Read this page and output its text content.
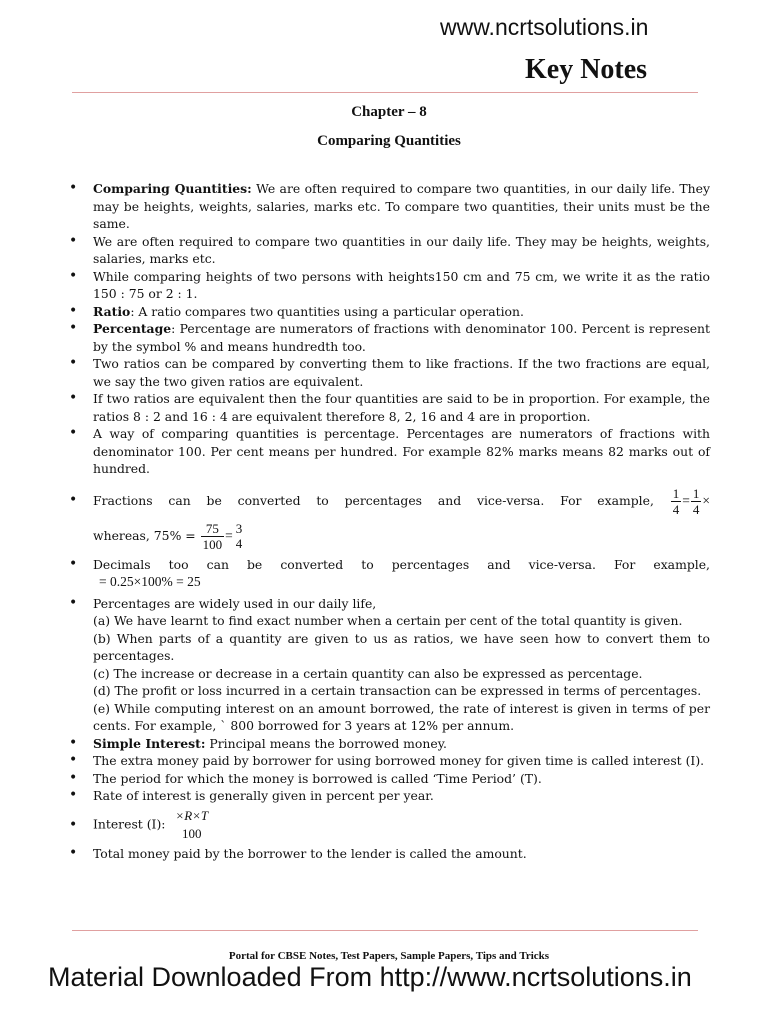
www.ncrtsolutions.in
Key Notes
Chapter – 8
Comparing Quantities
• Comparing Quantities: We are often required to compare two quantities, in our daily life. They may be heights, weights, salaries, marks etc. To compare two quantities, their units must be the same.
• We are often required to compare two quantities in our daily life. They may be heights, weights, salaries, marks etc.
• While comparing heights of two persons with heights150 cm and 75 cm, we write it as the ratio 150 : 75 or 2 : 1.
• Ratio: A ratio compares two quantities using a particular operation.
• Percentage: Percentage are numerators of fractions with denominator 100. Percent is represent by the symbol % and means hundredth too.
• Two ratios can be compared by converting them to like fractions. If the two fractions are equal, we say the two given ratios are equivalent.
• If two ratios are equivalent then the four quantities are said to be in proportion. For example, the ratios 8 : 2 and 16 : 4 are equivalent therefore 8, 2, 16 and 4 are in proportion.
• A way of comparing quantities is percentage. Percentages are numerators of fractions with denominator 100. Per cent means per hundred. For example 82% marks means 82 marks out of hundred.
• Fractions can be converted to percentages and vice-versa. For example, $\frac{1}{4} = \frac{1}{4}$ ×
whereas, $75\% = \frac{75}{100} = 3$
4
• Decimals too can be converted to percentages and vice-versa. For example,
= 0.25×100% = 25
• Percentages are widely used in our daily life,
(a) We have learnt to find exact number when a certain per cent of the total quantity is given.
(b) When parts of a quantity are given to us as ratios, we have seen how to convert them to percentages.
(c) The increase or decrease in a certain quantity can also be expressed as percentage.
(d) The profit or loss incurred in a certain transaction can be expressed in terms of percentages.
(e) While computing interest on an amount borrowed, the rate of interest is given in terms of per cents. For example, ` 800 borrowed for 3 years at 12% per annum.
• Simple Interest: Principal means the borrowed money.
• The extra money paid by borrower for using borrowed money for given time is called interest (I).
• The period for which the money is borrowed is called ‘Time Period’ (T).
• Rate of interest is generally given in percent per year.
• Interest (I):
×R×T
100
• Total money paid by the borrower to the lender is called the amount.
Portal for CBSE Notes, Test Papers, Sample Papers, Tips and Tricks
Material Downloaded From http://www.ncrtsolutions.in
